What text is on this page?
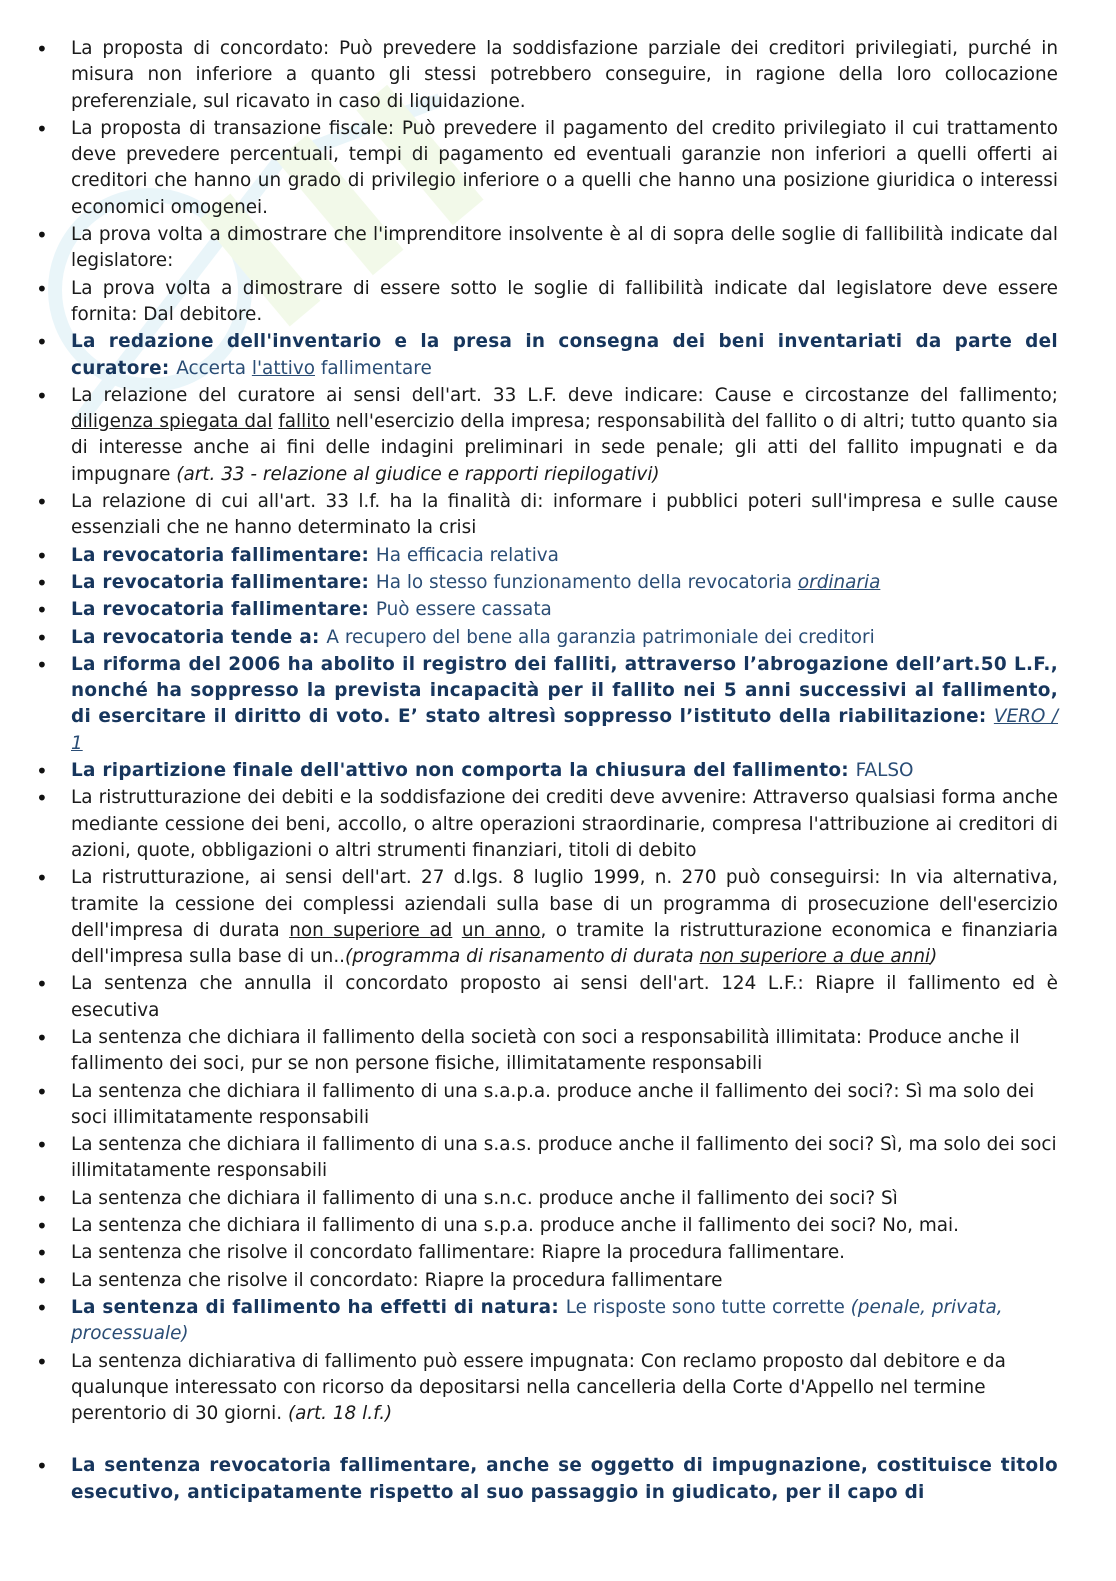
• La proposta di concordato: Può prevedere la soddisfazione parziale dei creditori privilegiati, purché in misura non inferiore a quanto gli stessi potrebbero conseguire, in ragione della loro collocazione preferenziale, sul ricavato in caso di liquidazione.
• La proposta di transazione fiscale: Può prevedere il pagamento del credito privilegiato il cui trattamento deve prevedere percentuali, tempi di pagamento ed eventuali garanzie non inferiori a quelli offerti ai creditori che hanno un grado di privilegio inferiore o a quelli che hanno una posizione giuridica o interessi economici omogenei.
• La prova volta a dimostrare che l'imprenditore insolvente è al di sopra delle soglie di fallibilità indicate dal legislatore:
• La prova volta a dimostrare di essere sotto le soglie di fallibilità indicate dal legislatore deve essere fornita: Dal debitore.
• La redazione dell'inventario e la presa in consegna dei beni inventariati da parte del curatore: Accerta l'attivo fallimentare
• La relazione del curatore ai sensi dell'art. 33 L.F. deve indicare: Cause e circostanze del fallimento; diligenza spiegata dal fallito nell'esercizio della impresa; responsabilità del fallito o di altri; tutto quanto sia di interesse anche ai fini delle indagini preliminari in sede penale; gli atti del fallito impugnati e da impugnare (art. 33 - relazione al giudice e rapporti riepilogativi)
• La relazione di cui all'art. 33 l.f. ha la finalità di: informare i pubblici poteri sull'impresa e sulle cause essenziali che ne hanno determinato la crisi
• La revocatoria fallimentare: Ha efficacia relativa
• La revocatoria fallimentare: Ha lo stesso funzionamento della revocatoria ordinaria
• La revocatoria fallimentare: Può essere cassata
• La revocatoria tende a: A recupero del bene alla garanzia patrimoniale dei creditori
• La riforma del 2006 ha abolito il registro dei falliti, attraverso l’abrogazione dell’art.50 L.F., nonché ha soppresso la prevista incapacità per il fallito nei 5 anni successivi al fallimento, di esercitare il diritto di voto. E’ stato altresì soppresso l’istituto della riabilitazione: VERO / 1
• La ripartizione finale dell'attivo non comporta la chiusura del fallimento: FALSO
• La ristrutturazione dei debiti e la soddisfazione dei crediti deve avvenire: Attraverso qualsiasi forma anche mediante cessione dei beni, accollo, o altre operazioni straordinarie, compresa l'attribuzione ai creditori di azioni, quote, obbligazioni o altri strumenti finanziari, titoli di debito
• La ristrutturazione, ai sensi dell'art. 27 d.lgs. 8 luglio 1999, n. 270 può conseguirsi: In via alternativa, tramite la cessione dei complessi aziendali sulla base di un programma di prosecuzione dell'esercizio dell'impresa di durata non superiore ad un anno, o tramite la ristrutturazione economica e finanziaria dell'impresa sulla base di un..(programma di risanamento di durata non superiore a due anni)
• La sentenza che annulla il concordato proposto ai sensi dell'art. 124 L.F.: Riapre il fallimento ed è esecutiva
• La sentenza che dichiara il fallimento della società con soci a responsabilità illimitata: Produce anche il fallimento dei soci, pur se non persone fisiche, illimitatamente responsabili
• La sentenza che dichiara il fallimento di una s.a.p.a. produce anche il fallimento dei soci?: Sì ma solo dei soci illimitatamente responsabili
• La sentenza che dichiara il fallimento di una s.a.s. produce anche il fallimento dei soci? Sì, ma solo dei soci illimitatamente responsabili
• La sentenza che dichiara il fallimento di una s.n.c. produce anche il fallimento dei soci? Sì
• La sentenza che dichiara il fallimento di una s.p.a. produce anche il fallimento dei soci? No, mai.
• La sentenza che risolve il concordato fallimentare: Riapre la procedura fallimentare.
• La sentenza che risolve il concordato: Riapre la procedura fallimentare
• La sentenza di fallimento ha effetti di natura: Le risposte sono tutte corrette (penale, privata, processuale)
• La sentenza dichiarativa di fallimento può essere impugnata: Con reclamo proposto dal debitore e da qualunque interessato con ricorso da depositarsi nella cancelleria della Corte d'Appello nel termine perentorio di 30 giorni. (art. 18 l.f.)
• La sentenza revocatoria fallimentare, anche se oggetto di impugnazione, costituisce titolo esecutivo, anticipatamente rispetto al suo passaggio in giudicato, per il capo di
